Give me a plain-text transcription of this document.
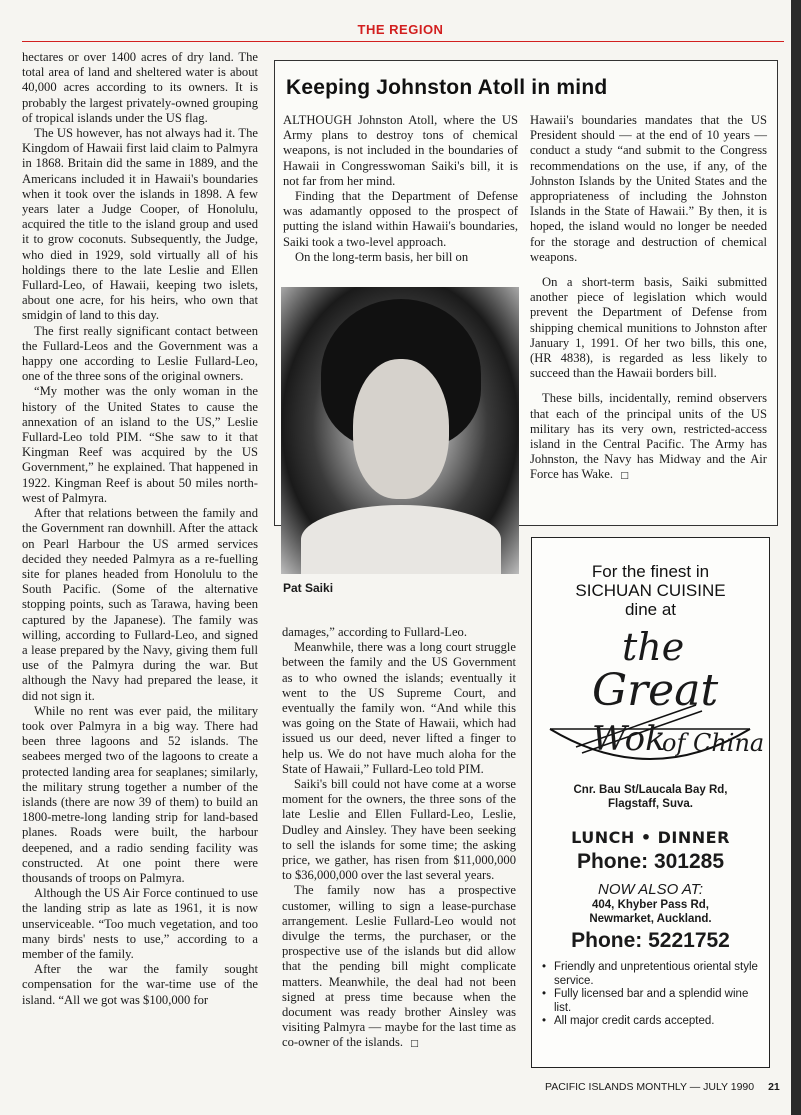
THE REGION

hectares or over 1400 acres of dry land. The total area of land and sheltered water is about 40,000 acres according to its owners. It is probably the largest privately-owned grouping of tropical islands under the US flag.

The US however, has not always had it. The Kingdom of Hawaii first laid claim to Palmyra in 1868. Britain did the same in 1889, and the Americans included it in Hawaii's boundaries when it took over the islands in 1898. A few years later a Judge Cooper, of Honolulu, acquired the title to the island group and used it to grow coconuts. Subsequently, the Judge, who died in 1929, sold virtually all of his holdings there to the late Leslie and Ellen Fullard-Leo, of Hawaii, keeping two islets, about one acre, for his heirs, who own that smidgin of land to this day.

The first really significant contact between the Fullard-Leos and the Government was a happy one according to Leslie Fullard-Leo, one of the three sons of the original owners.

“My mother was the only woman in the history of the United States to cause the annexation of an island to the US,” Leslie Fullard-Leo told PIM. “She saw to it that Kingman Reef was acquired by the US Government,” he explained. That happened in 1922. Kingman Reef is about 50 miles north-west of Palmyra.

After that relations between the family and the Government ran downhill. After the attack on Pearl Harbour the US armed services decided they needed Palmyra as a re-fuelling site for planes headed from Honolulu to the South Pacific. (Some of the alternative stopping points, such as Tarawa, having been captured by the Japanese). The family was willing, according to Fullard-Leo, and signed a lease prepared by the Navy, giving them full use of the Palmyra during the war. But although the Navy had prepared the lease, it did not sign it.

While no rent was ever paid, the military took over Palmyra in a big way. There had been three lagoons and 52 islands. The seabees merged two of the lagoons to create a protected landing area for seaplanes; similarly, the military strung together a number of the islands (there are now 39 of them) to build an 1800-metre-long landing strip for land-based planes. Roads were built, the harbour deepened, and a radio sending facility was constructed. At one point there were thousands of troops on Palmyra.

Although the US Air Force continued to use the landing strip as late as 1961, it is now unserviceable. “Too much vegetation, and too many birds' nests to use,” according to a member of the family.

After the war the family sought compensation for the war-time use of the island. “All we got was $100,000 for

Keeping Johnston Atoll in mind

ALTHOUGH Johnston Atoll, where the US Army plans to destroy tons of chemical weapons, is not included in the boundaries of Hawaii in Congresswoman Saiki's bill, it is not far from her mind.

Finding that the Department of Defense was adamantly opposed to the prospect of putting the island within Hawaii's boundaries, Saiki took a two-level approach.

On the long-term basis, her bill on

Pat Saiki

Hawaii's boundaries mandates that the US President should — at the end of 10 years — conduct a study “and submit to the Congress recommendations on the use, if any, of the Johnston Islands by the United States and the appropriateness of including the Johnston Islands in the State of Hawaii.” By then, it is hoped, the island would no longer be needed for the storage and destruction of chemical weapons.

On a short-term basis, Saiki submitted another piece of legislation which would prevent the Department of Defense from shipping chemical munitions to Johnston after January 1, 1991. Of her two bills, this one, (HR 4838), is regarded as less likely to succeed than the Hawaii borders bill.

These bills, incidentally, remind observers that each of the principal units of the US military has its very own, restricted-access island in the Central Pacific. The Army has Johnston, the Navy has Midway and the Air Force has Wake. □

damages,” according to Fullard-Leo.

Meanwhile, there was a long court struggle between the family and the US Government as to who owned the islands; eventually it went to the US Supreme Court, and eventually the family won. “And while this was going on the State of Hawaii, which had issued us our deed, never lifted a finger to help us. We do not have much aloha for the State of Hawaii,” Fullard-Leo told PIM.

Saiki's bill could not have come at a worse moment for the owners, the three sons of the late Leslie and Ellen Fullard-Leo, Leslie, Dudley and Ainsley. They have been seeking to sell the islands for some time; the asking price, we gather, has risen from $11,000,000 to $36,000,000 over the last several years.

The family now has a prospective customer, willing to sign a lease-purchase arrangement. Leslie Fullard-Leo would not divulge the terms, the purchaser, or the prospective use of the islands but did allow that the pending bill might complicate matters. Meanwhile, the deal had not been signed at press time because when the document was ready brother Ainsley was visiting Palmyra — maybe for the last time as co-owner of the islands. □

For the finest in
SICHUAN CUISINE
dine at
the
Great
Wok
of China
Cnr. Bau St/Laucala Bay Rd,
Flagstaff, Suva.
LUNCH • DINNER
Phone: 301285
NOW ALSO AT:
404, Khyber Pass Rd,
Newmarket, Auckland.
Phone: 5221752
• Friendly and unpretentious oriental style service.
• Fully licensed bar and a splendid wine list.
• All major credit cards accepted.
PACIFIC ISLANDS MONTHLY — JULY 1990 21
